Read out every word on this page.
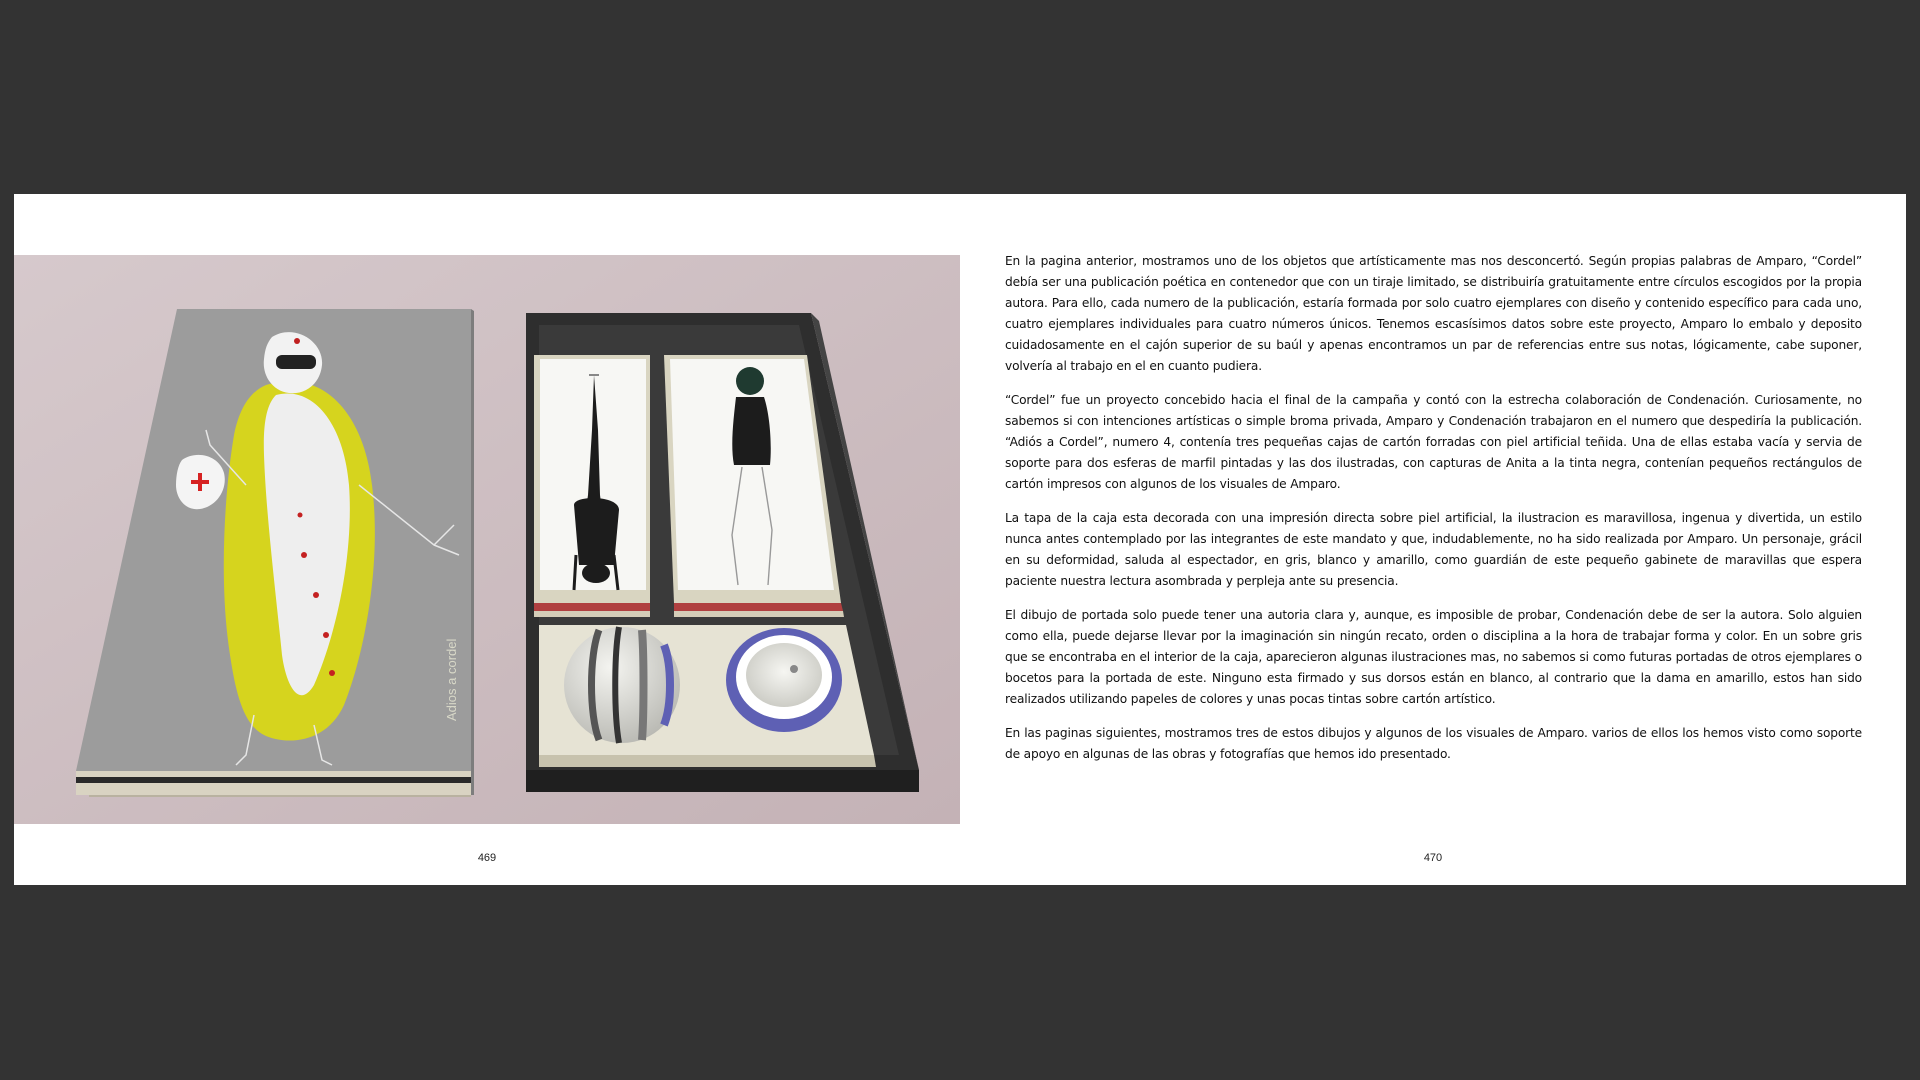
Adios a cordel
469

En la pagina anterior, mostramos uno de los objetos que artísticamente mas nos desconcertó. Según propias palabras de Amparo, “Cordel” debía ser una publicación poética en contenedor que con un tiraje limitado, se distribuiría gratuitamente entre círculos escogidos por la propia autora. Para ello, cada numero de la publicación, estaría formada por solo cuatro ejemplares con diseño y contenido específico para cada uno, cuatro ejemplares individuales para cuatro números únicos. Tenemos escasísimos datos sobre este proyecto, Amparo lo embalo y deposito cuidadosamente en el cajón superior de su baúl y apenas encontramos un par de referencias entre sus notas, lógicamente, cabe suponer, volvería al trabajo en el en cuanto pudiera.

“Cordel” fue un proyecto concebido hacia el final de la campaña y contó con la estrecha colaboración de Condenación. Curiosamente, no sabemos si con intenciones artísticas o simple broma privada, Amparo y Condenación trabajaron en el numero que despediría la publicación. “Adiós a Cordel”, numero 4, contenía tres pequeñas cajas de cartón forradas con piel artificial teñida. Una de ellas estaba vacía y servia de soporte para dos esferas de marfil pintadas y las dos ilustradas, con capturas de Anita a la tinta negra, contenían pequeños rectángulos de cartón impresos con algunos de los visuales de Amparo.

La tapa de la caja esta decorada con una impresión directa sobre piel artificial, la ilustracion es maravillosa, ingenua y divertida, un estilo nunca antes contemplado por las integrantes de este mandato y que, indudablemente, no ha sido realizada por Amparo. Un personaje, grácil en su deformidad, saluda al espectador, en gris, blanco y amarillo, como guardián de este pequeño gabinete de maravillas que espera paciente nuestra lectura asombrada y perpleja ante su presencia.

El dibujo de portada solo puede tener una autoria clara y, aunque, es imposible de probar, Condenación debe de ser la autora. Solo alguien como ella, puede dejarse llevar por la imaginación sin ningún recato, orden o disciplina a la hora de trabajar forma y color. En un sobre gris que se encontraba en el interior de la caja, aparecieron algunas ilustraciones mas, no sabemos si como futuras portadas de otros ejemplares o bocetos para la portada de este. Ninguno esta firmado y sus dorsos están en blanco, al contrario que la dama en amarillo, estos han sido realizados utilizando papeles de colores y unas pocas tintas sobre cartón artístico.

En las paginas siguientes, mostramos tres de estos dibujos y algunos de los visuales de Amparo. varios de ellos los hemos visto como soporte de apoyo en algunas de las obras y fotografías que hemos ido presentado.

470
